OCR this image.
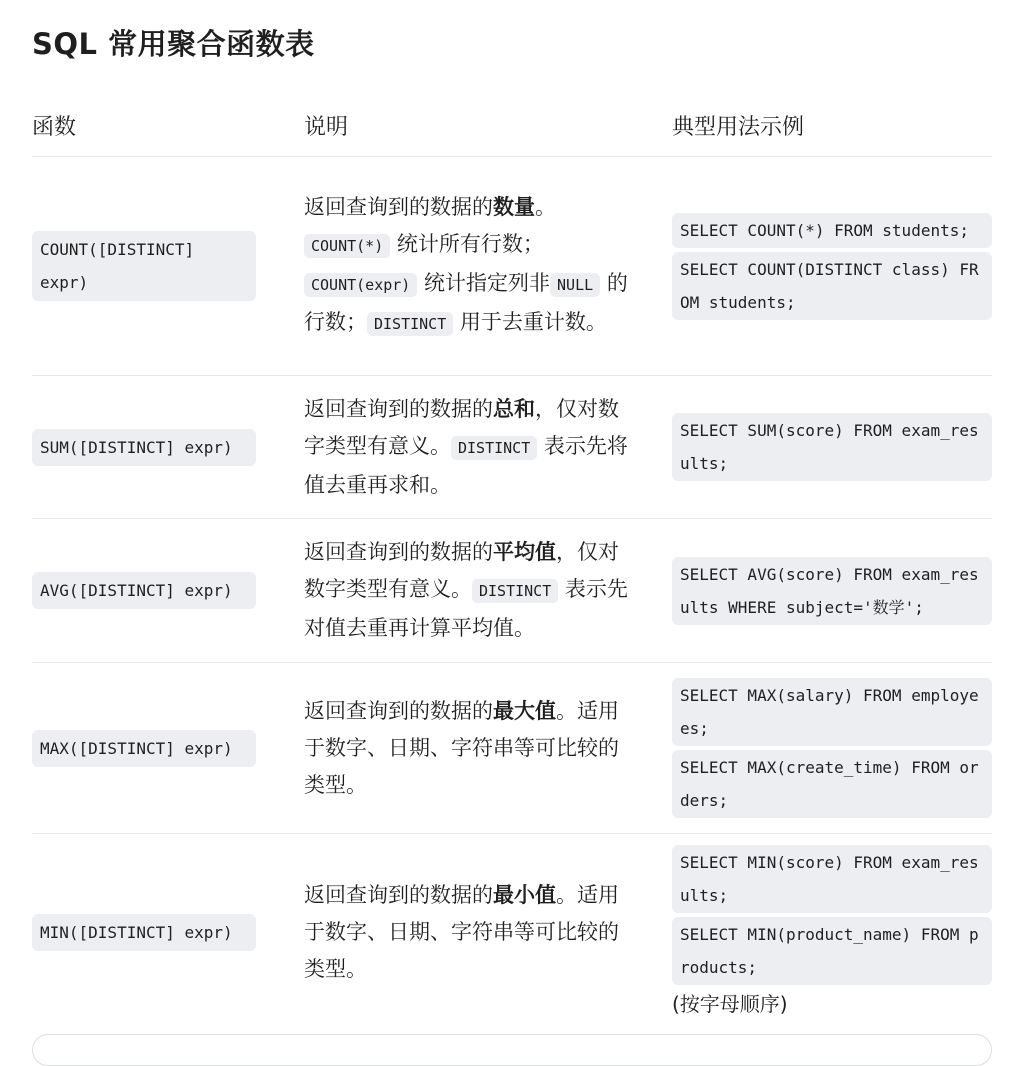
SQL 常用聚合函数表
函数	说明	典型用法示例
COUNT([DISTINCT] expr)
返回查询到的数据的数量。COUNT(*) 统计所有行数；COUNT(expr) 统计指定列非 NULL 的行数； DISTINCT 用于去重计数。
SELECT COUNT(*) FROM students;
SELECT COUNT(DISTINCT class) FROM students;
SUM([DISTINCT] expr)
返回查询到的数据的总和，仅对数字类型有意义。 DISTINCT 表示先将值去重再求和。
SELECT SUM(score) FROM exam_results;
AVG([DISTINCT] expr)
返回查询到的数据的平均值，仅对数字类型有意义。 DISTINCT 表示先对值去重再计算平均值。
SELECT AVG(score) FROM exam_results WHERE subject='数学';
MAX([DISTINCT] expr)
返回查询到的数据的最大值。适用于数字、日期、字符串等可比较的类型。
SELECT MAX(salary) FROM employees;
SELECT MAX(create_time) FROM orders;
MIN([DISTINCT] expr)
返回查询到的数据的最小值。适用于数字、日期、字符串等可比较的类型。
SELECT MIN(score) FROM exam_results;
SELECT MIN(product_name) FROM products;
(按字母顺序)
